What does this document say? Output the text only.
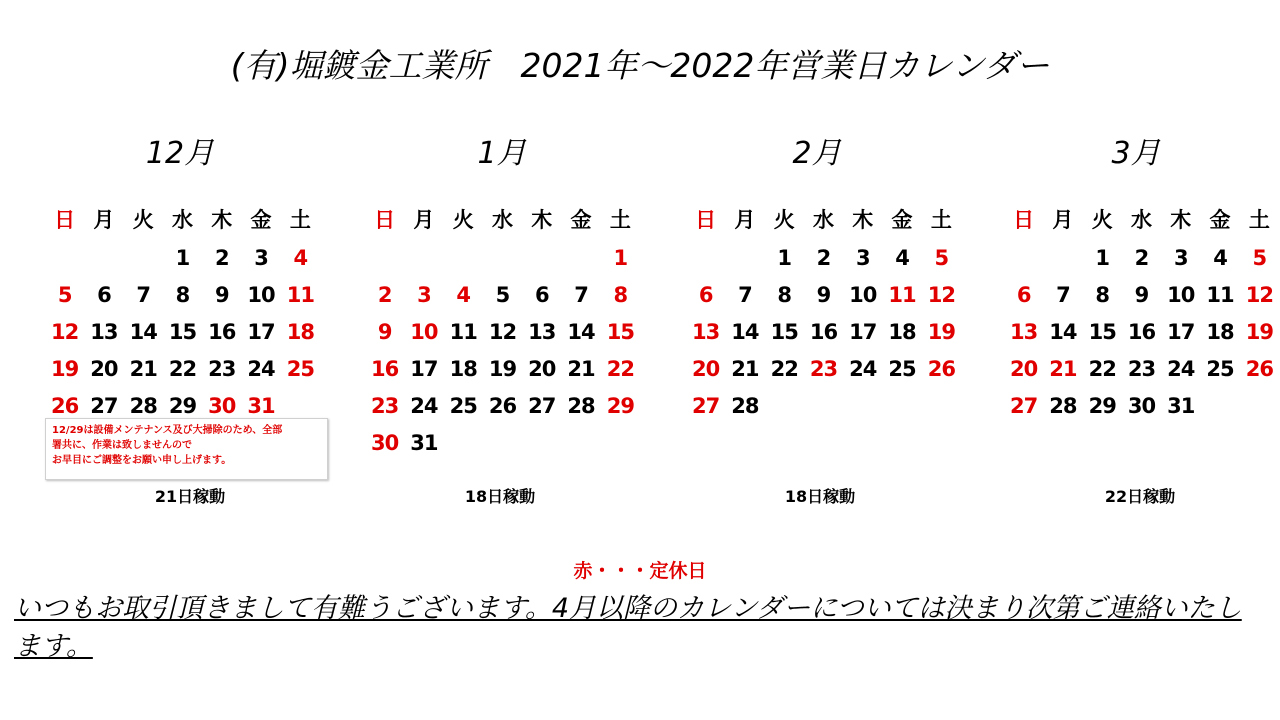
(有)堀鍍金工業所　2021年～2022年営業日カレンダー
12月
日	月	火	水	木	金	土
			1	2	3	4
5	6	7	8	9	10	11
12	13	14	15	16	17	18
19	20	21	22	23	24	25
26	27	28	29	30	31	
21日稼動
1月
日	月	火	水	木	金	土
						1
2	3	4	5	6	7	8
9	10	11	12	13	14	15
16	17	18	19	20	21	22
23	24	25	26	27	28	29
30	31					
18日稼動
2月
日	月	火	水	木	金	土
		1	2	3	4	5
6	7	8	9	10	11	12
13	14	15	16	17	18	19
20	21	22	23	24	25	26
27	28					
18日稼動
3月
日	月	火	水	木	金	土
		1	2	3	4	5
6	7	8	9	10	11	12
13	14	15	16	17	18	19
20	21	22	23	24	25	26
27	28	29	30	31		
22日稼動
12/29は設備メンテナンス及び大掃除のため、全部
署共に、作業は致しませんので
お早目にご調整をお願い申し上げます。
赤・・・定休日
いつもお取引頂きまして有難うございます。4月以降のカレンダーについては決まり次第ご連絡いたします。
